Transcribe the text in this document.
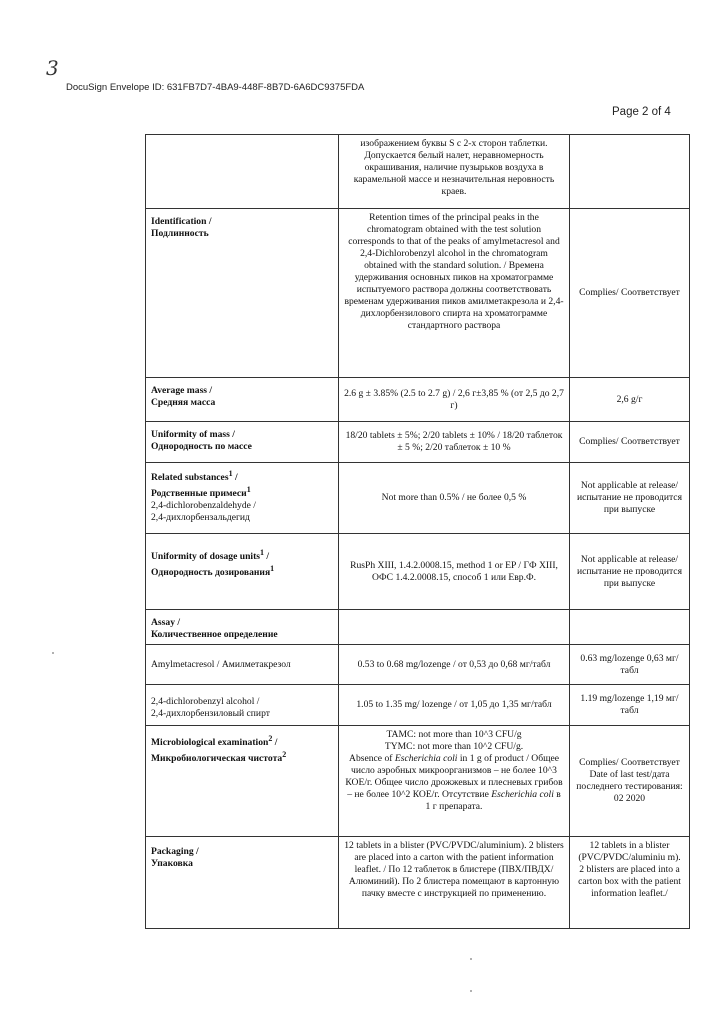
3
DocuSign Envelope ID: 631FB7D7-4BA9-448F-8B7D-6A6DC9375FDA
Page 2 of 4
	изображением буквы S с 2-х сторон таблетки. Допускается белый налет, неравномерность окрашивания, наличие пузырьков воздуха в карамельной массе и незначительная неровность краев.	

Identification /
Подлинность	Retention times of the principal peaks in the chromatogram obtained with the test solution corresponds to that of the peaks of amylmetacresol and 2,4-Dichlorobenzyl alcohol in the chromatogram obtained with the standard solution. / Времена удерживания основных пиков на хроматограмме испытуемого раствора должны соответствовать временам удерживания пиков амилметакрезола и 2,4-дихлорбензилового спирта на хроматограмме стандартного раствора	Complies/ Соответствует

Average mass /
Средняя масса	2.6 g ± 3.85% (2.5 to 2.7 g) / 2,6 г±3,85 % (от 2,5 до 2,7 г)	2,6 g/г

Uniformity of mass /
Однородность по массе	18/20 tablets ± 5%; 2/20 tablets ± 10% / 18/20 таблеток ± 5 %; 2/20 таблеток ± 10 %	Complies/ Соответствует

Related substances$^1$ /
Родственные примеси$^1$
2,4-dichlorobenzaldehyde /
2,4-дихлорбензальдегид	Not more than 0.5% / не более 0,5 %	Not applicable at release/ испытание не проводится при выпуске

Uniformity of dosage units$^1$ /
Однородность дозирования$^1$	RusPh XIII, 1.4.2.0008.15, method 1 or EP / ГФ XIII, ОФС 1.4.2.0008.15, способ 1 или Евр.Ф.	Not applicable at release/ испытание не проводится при выпуске

Assay /
Количественное определение		

Amylmetacresol / Амилметакрезол	0.53 to 0.68 mg/lozenge / от 0,53 до 0,68 мг/табл	0.63 mg/lozenge 0,63 мг/табл

2,4-dichlorobenzyl alcohol /
2,4-дихлорбензиловый спирт	1.05 to 1.35 mg/ lozenge / от 1,05 до 1,35 мг/табл	1.19 mg/lozenge 1,19 мг/табл

Microbiological examination$^2$ /
Микробиологическая чистота$^2$	TAMC: not more than 10^3 CFU/g
TYMC: not more than 10^2 CFU/g.
Absence of Escherichia coli in 1 g of product / Общее число аэробных микроорганизмов – не более 10^3 КОЕ/г. Общее число дрожжевых и плесневых грибов – не более 10^2 КОЕ/г. Отсутствие Escherichia coli в 1 г препарата.	Complies/ Соответствует Date of last test/дата последнего тестирования: 02 2020

Packaging /
Упаковка	12 tablets in a blister (PVC/PVDC/aluminium). 2 blisters are placed into a carton with the patient information leaflet. / По 12 таблеток в блистере (ПВХ/ПВДХ/Алюминий). По 2 блистера помещают в картонную пачку вместе с инструкцией по применению.	12 tablets in a blister (PVC/PVDC/aluminiu m). 2 blisters are placed into a carton box with the patient information leaflet./
